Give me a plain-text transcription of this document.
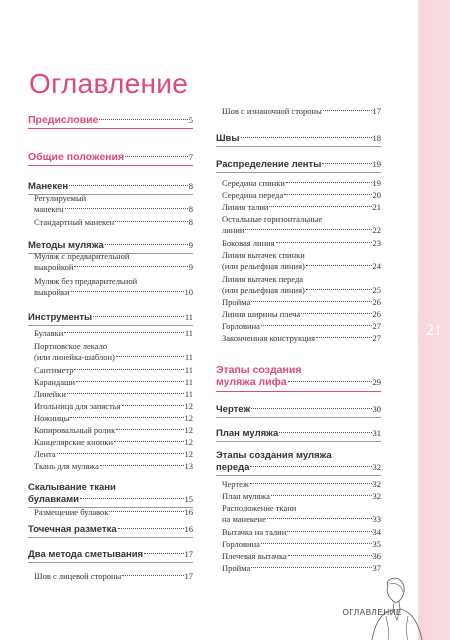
21
Оглавление
Предисловие	5
Общие положения	7
Манекен	8
Регулируемый
манекен	8
Стандартный манекен	8
Методы муляжа	9
Муляж с предварительной
выкройкой	9
Муляж без предварительной
выкройки	10
Инструменты	11
Булавки	11
Портновское лекало
(или линейка-шаблон)	11
Сантиметр	11
Карандаши	11
Линейки	11
Игольница для запястья	12
Ножницы	12
Копировальный ролик	12
Канцелярские кнопки	12
Лента	12
Ткань для муляжа	13
Скалывание ткани
булавками	15
Размещение булавок	16
Точечная разметка	16
Два метода сметывания	17
Шов с лицевой стороны	17
Шов с изнаночной стороны	17
Швы	18
Распределение ленты	19
Середина спинки	19
Середина переда	20
Линия талии	21
Остальные горизонтальные
линии	22
Боковая линия	23
Линия вытачек спинки
(или рельефная линия)	24
Линия вытачек переда
(или рельефная линия)	25
Пройма	26
Линия ширины плеча	26
Горловина	27
Законченная конструкция	27
Этапы создания
муляжа лифа	29
Чертеж	30
План муляжа	31
Этапы создания муляжа
переда	32
Чертеж	32
План муляжа	32
Расположение ткани
на манекене	33
Вытачка на талии	34
Горловина	35
Плечевая вытачка	36
Пройма	37
ОГЛАВЛЕНИЕ
